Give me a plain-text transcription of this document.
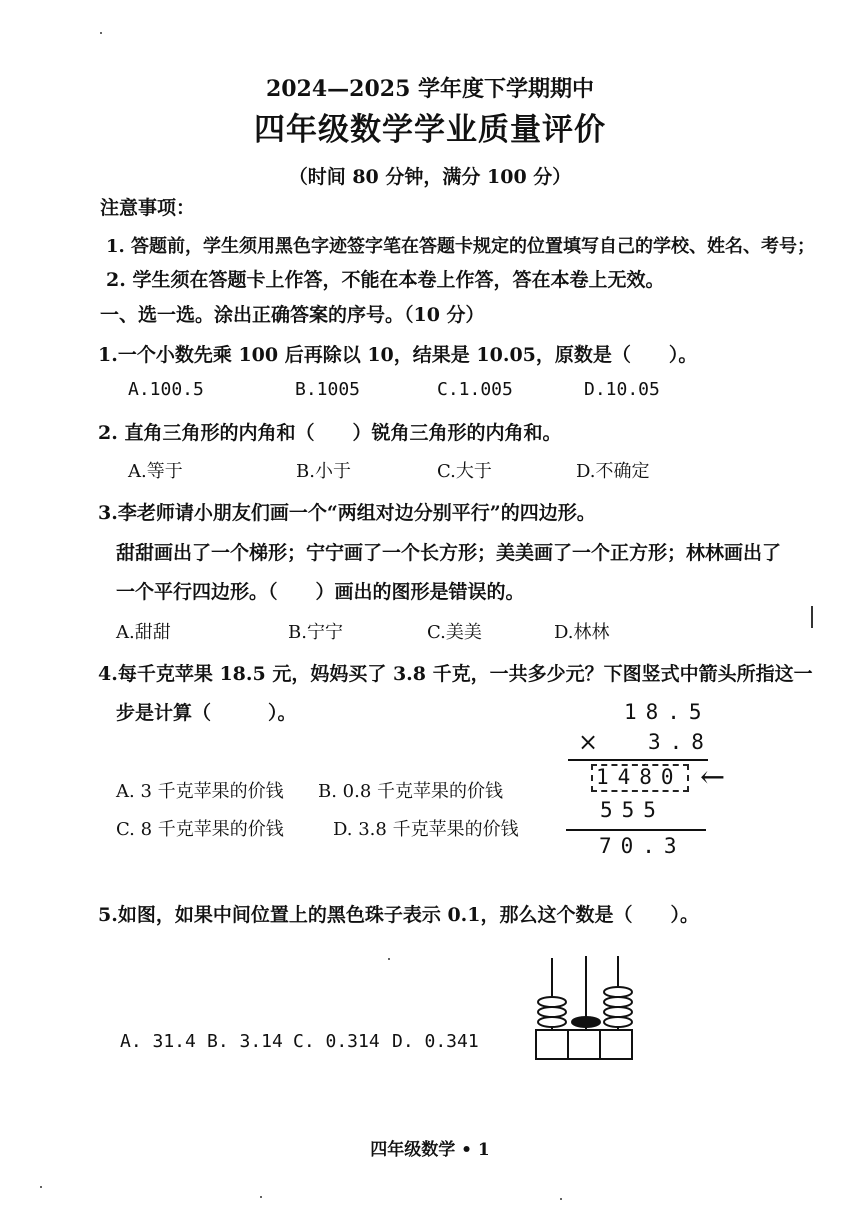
2024—2025 学年度下学期期中
四年级数学学业质量评价
（时间 80 分钟，满分 100 分）
注意事项：
1. 答题前，学生须用黑色字迹签字笔在答题卡规定的位置填写自己的学校、姓名、考号；
2. 学生须在答题卡上作答，不能在本卷上作答，答在本卷上无效。
一、选一选。涂出正确答案的序号。（10 分）
1.一个小数先乘 100 后再除以 10，结果是 10.05，原数是（　　）。
A.100.5	B.1005	C.1.005	D.10.05
2. 直角三角形的内角和（　　）锐角三角形的内角和。
A.等于	B.小于	C.大于	D.不确定
3.李老师请小朋友们画一个“两组对边分别平行”的四边形。
甜甜画出了一个梯形；宁宁画了一个长方形；美美画了一个正方形；林林画出了
一个平行四边形。（　　）画出的图形是错误的。
A.甜甜	B.宁宁	C.美美	D.林林
4.每千克苹果 18.5 元，妈妈买了 3.8 千克，一共多少元？下图竖式中箭头所指这一
步是计算（　　　）。
A. 3 千克苹果的价钱 B. 0.8 千克苹果的价钱
C. 8 千克苹果的价钱	D. 3.8 千克苹果的价钱
18.5
× 3.8
1480 ←
555
70.3
5.如图，如果中间位置上的黑色珠子表示 0.1，那么这个数是（　　）。
A. 31.4 B. 3.14 C. 0.314 D. 0.341
四年级数学 • 1
